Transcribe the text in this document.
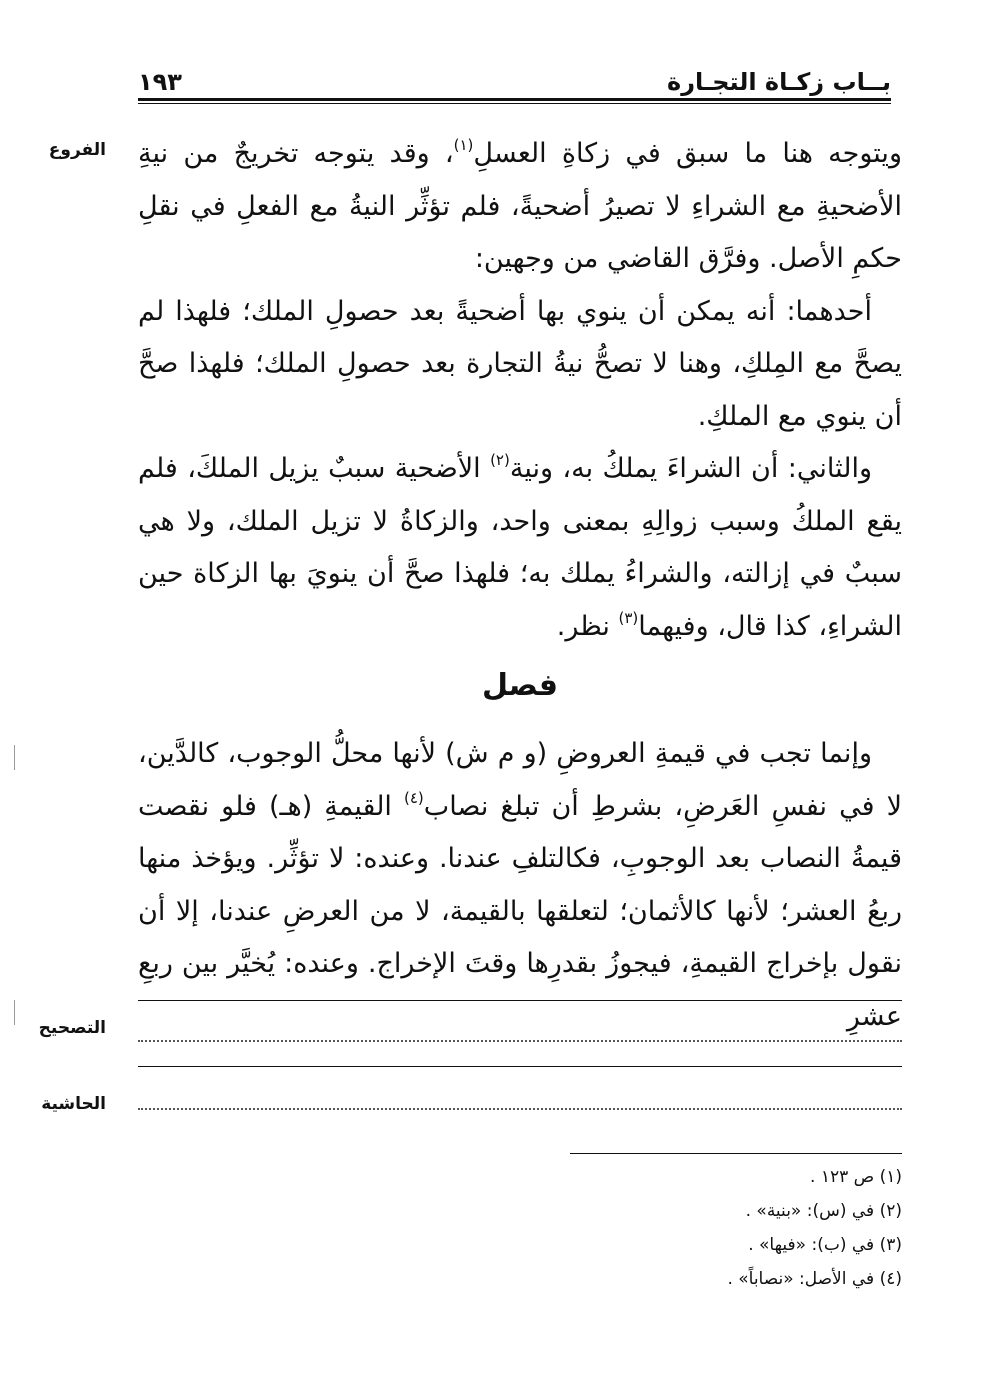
بــاب زكـاة التجـارة
١٩٣
الفروع	ويتوجه هنا ما سبق في زكاةِ العسلِ$^{(١)}$، وقد يتوجه تخريجٌ من نيةِ الأضحيةِ مع الشراءِ لا تصيرُ أضحيةً، فلم تؤثِّر النيةُ مع الفعلِ في نقلِ حكمِ الأصل. وفرَّق القاضي من وجهين:

أحدهما: أنه يمكن أن ينوي بها أضحيةً بعد حصولِ الملك؛ فلهذا لم يصحَّ مع المِلكِ، وهنا لا تصحُّ نيةُ التجارة بعد حصولِ الملك؛ فلهذا صحَّ أن ينوي مع الملكِ.

والثاني: أن الشراءَ يملكُ به، ونية$^{(٢)}$ الأضحية سببٌ يزيل الملكَ، فلم يقع الملكُ وسبب زوالِهِ بمعنى واحد، والزكاةُ لا تزيل الملك، ولا هي سببٌ في إزالته، والشراءُ يملك به؛ فلهذا صحَّ أن ينويَ بها الزكاة حين الشراءِ، كذا قال، وفيهما$^{(٣)}$ نظر.

فصل

وإنما تجب في قيمةِ العروضِ (و م ش) لأنها محلُّ الوجوب، كالدَّين، لا في نفسِ العَرضِ، بشرطِ أن تبلغ نصاب$^{(٤)}$ القيمةِ (هـ) فلو نقصت قيمةُ النصاب بعد الوجوبِ، فكالتلفِ عندنا. وعنده: لا تؤثِّر. ويؤخذ منها ربعُ العشر؛ لأنها كالأثمان؛ لتعلقها بالقيمة، لا من العرضِ عندنا، إلا أن نقول بإخراج القيمةِ، فيجوزُ بقدرِها وقتَ الإخراج. وعنده: يُخيَّر بين ربعِ عشرِ

التصحيح
الحاشية

(١) ص ١٢٣ .

(٢) في (س): «بنية» .

(٣) في (ب): «فيها» .

(٤) في الأصل: «نصاباً» .
